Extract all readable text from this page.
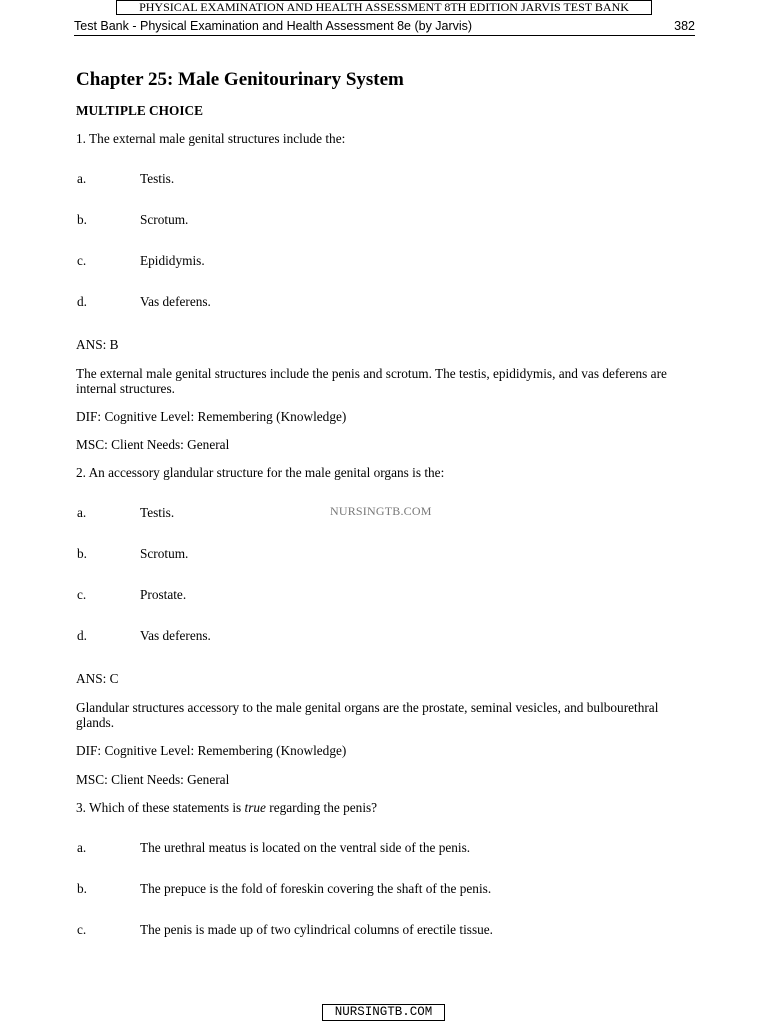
PHYSICAL EXAMINATION AND HEALTH ASSESSMENT 8TH EDITION JARVIS TEST BANK
Test Bank - Physical Examination and Health Assessment 8e (by Jarvis)	382
Chapter 25: Male Genitourinary System
MULTIPLE CHOICE
1. The external male genital structures include the:
a.	Testis.
b.	Scrotum.
c.	Epididymis.
d.	Vas deferens.
ANS: B
The external male genital structures include the penis and scrotum. The testis, epididymis, and vas deferens are internal structures.
DIF: Cognitive Level: Remembering (Knowledge)
MSC: Client Needs: General
2. An accessory glandular structure for the male genital organs is the:
NURSINGTB.COM
a.	Testis.
b.	Scrotum.
c.	Prostate.
d.	Vas deferens.
ANS: C
Glandular structures accessory to the male genital organs are the prostate, seminal vesicles, and bulbourethral glands.
DIF: Cognitive Level: Remembering (Knowledge)
MSC: Client Needs: General
3. Which of these statements is true regarding the penis?
a.	The urethral meatus is located on the ventral side of the penis.
b.	The prepuce is the fold of foreskin covering the shaft of the penis.
c.	The penis is made up of two cylindrical columns of erectile tissue.
NURSINGTB.COM
